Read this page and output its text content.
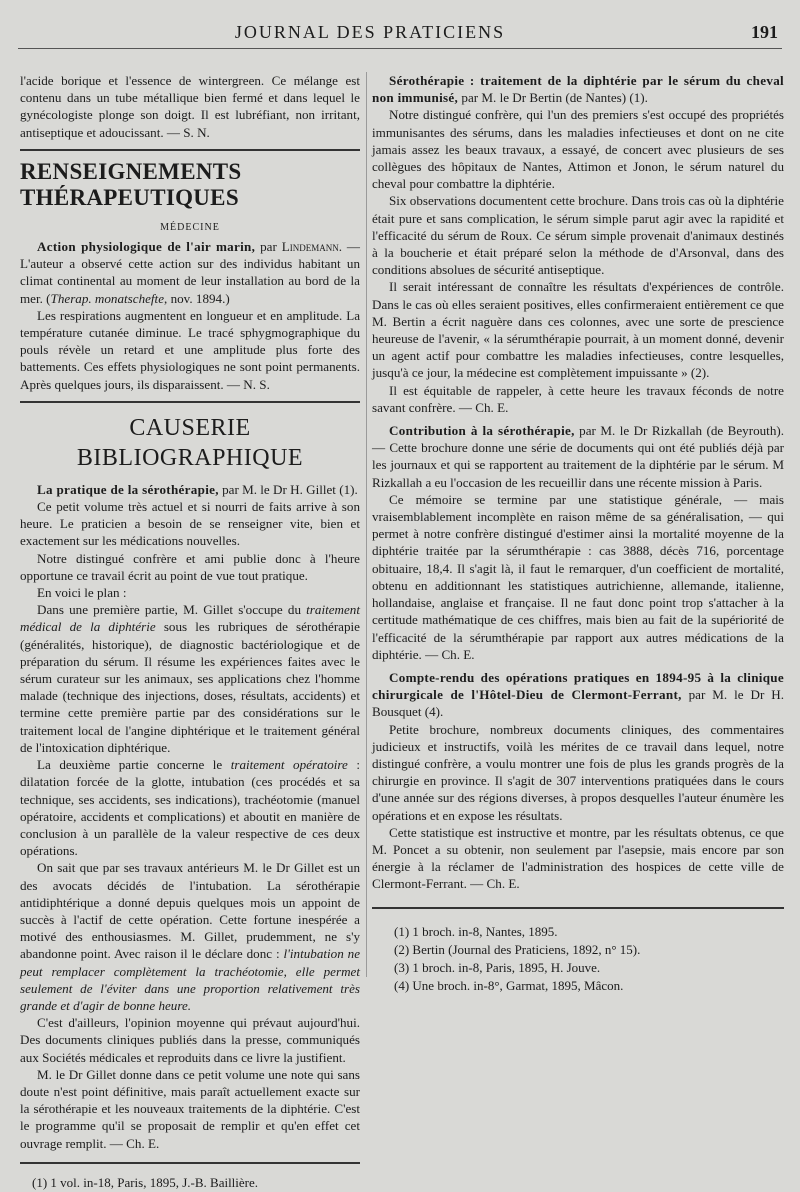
JOURNAL DES PRATICIENS	191

l'acide borique et l'essence de wintergreen. Ce mélange est contenu dans un tube métallique bien fermé et dans lequel le gynécologiste plonge son doigt. Il est lubréfiant, non irritant, antiseptique et adoucissant. — S. N.

RENSEIGNEMENTS THÉRAPEUTIQUES
MÉDECINE

Action physiologique de l'air marin, par Lindemann. — L'auteur a observé cette action sur des individus habitant un climat continental au moment de leur installation au bord de la mer. (Therap. monatschefte, nov. 1894.)

Les respirations augmentent en longueur et en amplitude. La température cutanée diminue. Le tracé sphygmographique du pouls révèle un retard et une amplitude plus forte des battements. Ces effets physiologiques ne sont point permanents. Après quelques jours, ils disparaissent. — N. S.

CAUSERIE BIBLIOGRAPHIQUE

La pratique de la sérothérapie, par M. le Dr H. Gillet (1).

Ce petit volume très actuel et si nourri de faits arrive à son heure. Le praticien a besoin de se renseigner vite, bien et exactement sur les médications nouvelles.

Notre distingué confrère et ami publie donc à l'heure opportune ce travail écrit au point de vue tout pratique.

En voici le plan :

Dans une première partie, M. Gillet s'occupe du traitement médical de la diphtérie sous les rubriques de sérothérapie (généralités, historique), de diagnostic bactériologique et de préparation du sérum. Il résume les expériences faites avec le sérum curateur sur les animaux, ses applications chez l'homme malade (technique des injections, doses, résultats, accidents) et termine cette première partie par des considérations sur le traitement local de l'angine diphtérique et le traitement général de l'intoxication diphtérique.

La deuxième partie concerne le traitement opératoire : dilatation forcée de la glotte, intubation (ces procédés et sa technique, ses accidents, ses indications), trachéotomie (manuel opératoire, accidents et complications) et aboutit en manière de conclusion à un parallèle de la valeur respective de ces deux opérations.

On sait que par ses travaux antérieurs M. le Dr Gillet est un des avocats décidés de l'intubation. La sérothérapie antidiphtérique a donné depuis quelques mois un appoint de succès à l'actif de cette opération. Cette fortune inespérée a motivé des enthousiasmes. M. Gillet, prudemment, ne s'y abandonne point. Avec raison il le déclare donc : l'intubation ne peut remplacer complètement la trachéotomie, elle permet seulement de l'éviter dans une proportion relativement très grande et d'agir de bonne heure.

C'est d'ailleurs, l'opinion moyenne qui prévaut aujourd'hui. Des documents cliniques publiés dans la presse, communiqués aux Sociétés médicales et reproduits dans ce livre la justifient.

M. le Dr Gillet donne dans ce petit volume une note qui sans doute n'est point définitive, mais paraît actuellement exacte sur la sérothérapie et les nouveaux traitements de la diphtérie. C'est le programme qu'il se proposait de remplir et qu'en effet cet ouvrage remplit. — Ch. E.

(1) 1 vol. in-18, Paris, 1895, J.-B. Baillière.

Sérothérapie : traitement de la diphtérie par le sérum du cheval non immunisé, par M. le Dr Bertin (de Nantes) (1).

Notre distingué confrère, qui l'un des premiers s'est occupé des propriétés immunisantes des sérums, dans les maladies infectieuses et dont on ne cite jamais assez les beaux travaux, a essayé, de concert avec plusieurs de ses collègues des hôpitaux de Nantes, Attimon et Jonon, le sérum naturel du cheval pour combattre la diphtérie.

Six observations documentent cette brochure. Dans trois cas où la diphtérie était pure et sans complication, le sérum simple parut agir avec la rapidité et l'efficacité du sérum de Roux. Ce sérum simple provenait d'animaux destinés à la boucherie et était préparé selon la méthode de d'Arsonval, dans des conditions absolues de sécurité antiseptique.

Il serait intéressant de connaître les résultats d'expériences de contrôle. Dans le cas où elles seraient positives, elles confirmeraient entièrement ce que M. Bertin a écrit naguère dans ces colonnes, avec une sorte de prescience heureuse de l'avenir, « la sérumthérapie pourrait, à un moment donné, devenir un agent actif pour combattre les maladies infectieuses, contre lesquelles, jusqu'à ce jour, la médecine est complètement impuissante » (2).

Il est équitable de rappeler, à cette heure les travaux féconds de notre savant confrère. — Ch. E.

Contribution à la sérothérapie, par M. le Dr Rizkallah (de Beyrouth). — Cette brochure donne une série de documents qui ont été publiés déjà par les journaux et qui se rapportent au traitement de la diphtérie par le sérum. M Rizkallah a eu l'occasion de les recueillir dans une récente mission à Paris.

Ce mémoire se termine par une statistique générale, — mais vraisemblablement incomplète en raison même de sa généralisation, — qui permet à notre confrère distingué d'estimer ainsi la mortalité moyenne de la diphtérie traitée par la sérumthérapie : cas 3888, décès 716, porcentage obituaire, 18,4. Il s'agit là, il faut le remarquer, d'un coefficient de mortalité, obtenu en additionnant les statistiques autrichienne, allemande, italienne, hollandaise, anglaise et française. Il ne faut donc point trop s'attacher à la certitude mathématique de ces chiffres, mais bien au fait de la supériorité de l'efficacité de la sérumthérapie par rapport aux autres médications de la diphtérie. — Ch. E.

Compte-rendu des opérations pratiques en 1894-95 à la clinique chirurgicale de l'Hôtel-Dieu de Clermont-Ferrant, par M. le Dr H. Bousquet (4).

Petite brochure, nombreux documents cliniques, des commentaires judicieux et instructifs, voilà les mérites de ce travail dans lequel, notre distingué confrère, a voulu montrer une fois de plus les grands progrès de la chirurgie en province. Il s'agit de 307 interventions pratiquées dans le cours d'une année sur des régions diverses, à propos desquelles l'auteur énumère les opérations et en expose les résultats.

Cette statistique est instructive et montre, par les résultats obtenus, ce que M. Poncet a su obtenir, non seulement par l'asepsie, mais encore par son énergie à la réclamer de l'administration des hospices de cette ville de Clermont-Ferrant. — Ch. E.

(1) 1 broch. in-8, Nantes, 1895.

(2) Bertin (Journal des Praticiens, 1892, n° 15).

(3) 1 broch. in-8, Paris, 1895, H. Jouve.

(4) Une broch. in-8°, Garmat, 1895, Mâcon.
